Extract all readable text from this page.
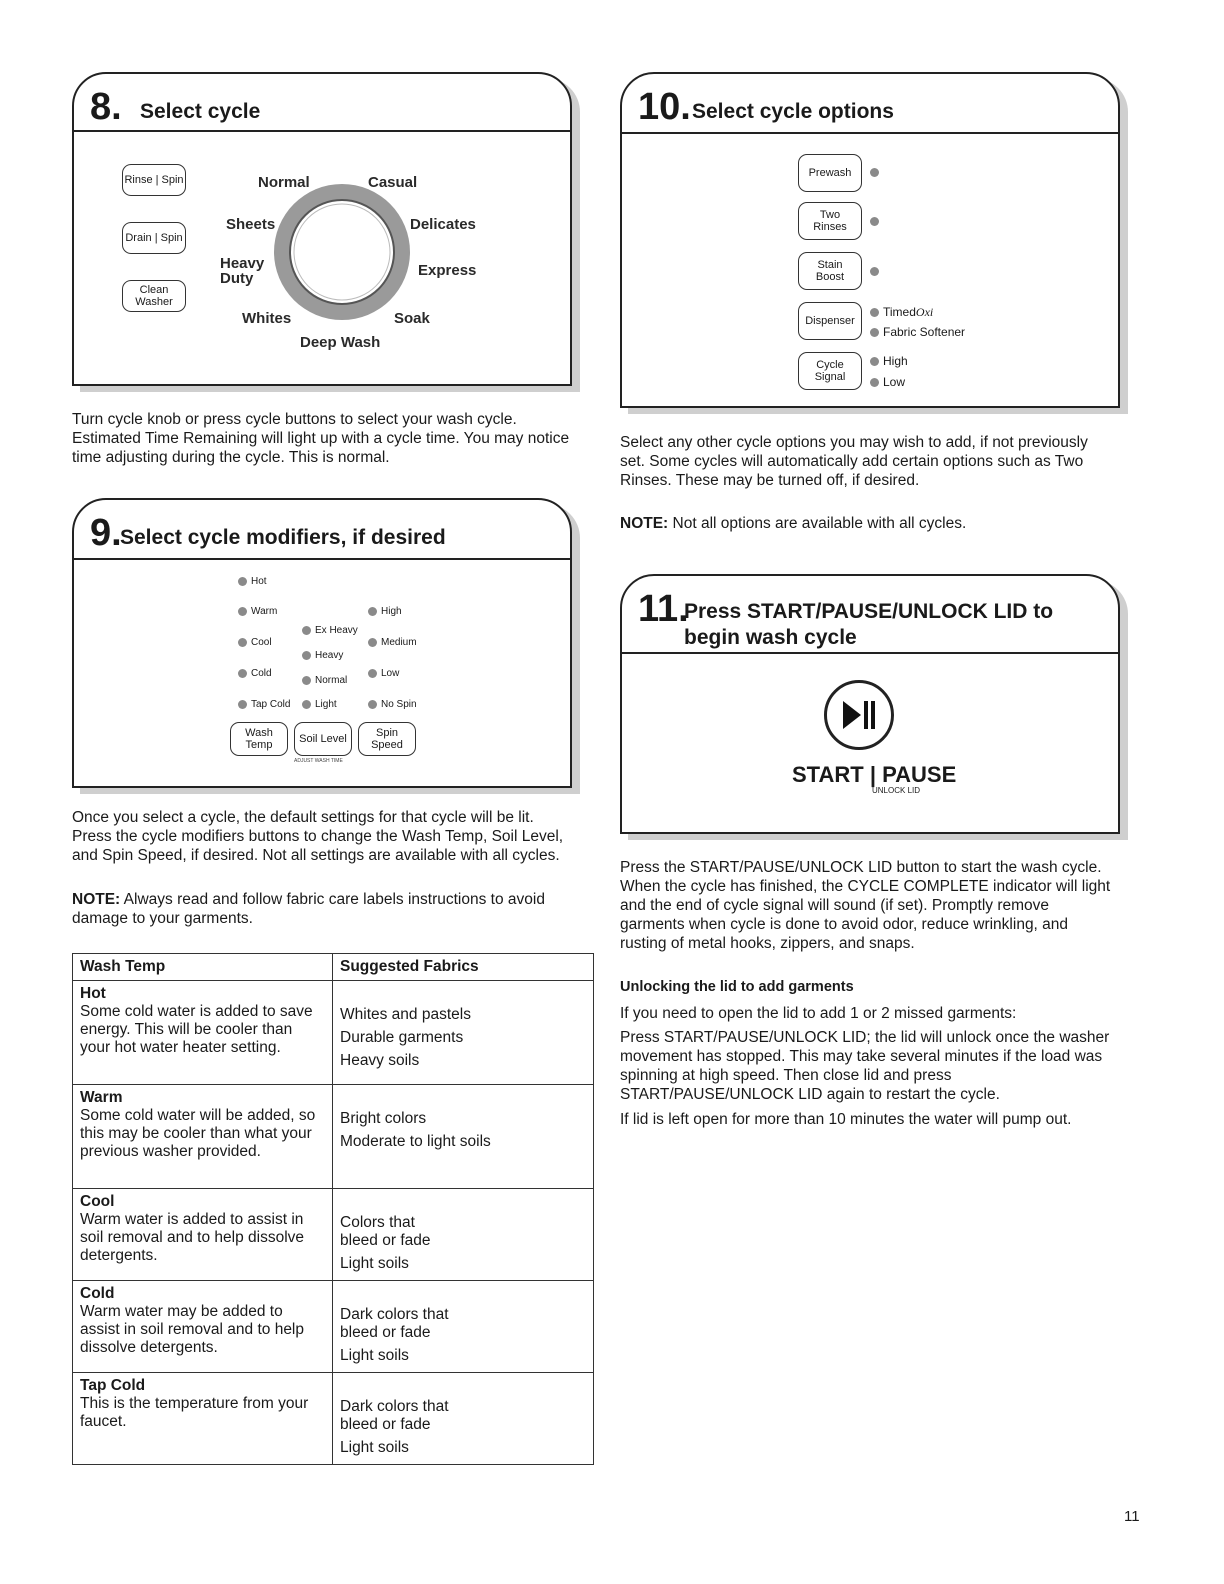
8. Select cycle
Rinse | Spin
Drain | Spin
Clean Washer
Normal	Casual
Sheets	Delicates
Heavy Duty	Express
Whites	Soak
Deep Wash
Turn cycle knob or press cycle buttons to select your wash cycle. Estimated Time Remaining will light up with a cycle time. You may notice time adjusting during the cycle. This is normal.
9.
Select cycle modifiers, if desired
Hot
Warm
Cool
Cold
Tap Cold
Ex Heavy
Heavy
Normal
Light
High
Medium
Low
No Spin
Wash Temp	Soil Level	Spin Speed
ADJUST WASH TIME
Once you select a cycle, the default settings for that cycle will be lit. Press the cycle modifiers buttons to change the Wash Temp, Soil Level, and Spin Speed, if desired. Not all settings are available with all cycles.
NOTE: Always read and follow fabric care labels instructions to avoid damage to your garments.
Wash Temp	Suggested Fabrics

Hot
Some cold water is added to save energy. This will be cooler than your hot water heater setting.	Whites and pastels
Durable garments
Heavy soils

Warm
Some cold water will be added, so this may be cooler than what your previous washer provided.	Bright colors
Moderate to light soils

Cool
Warm water is added to assist in soil removal and to help dissolve detergents.	Colors that bleed or fade
Light soils

Cold
Warm water may be added to assist in soil removal and to help dissolve detergents.	Dark colors that bleed or fade
Light soils

Tap Cold
This is the temperature from your faucet.	Dark colors that bleed or fade
Light soils
10. Select cycle options
Prewash
Two Rinses
Stain Boost
Dispenser
TimedOxi
Fabric Softener
Cycle Signal
High
Low
Select any other cycle options you may wish to add, if not previously set. Some cycles will automatically add certain options such as Two Rinses. These may be turned off, if desired.
NOTE: Not all options are available with all cycles.
11.
Press START/PAUSE/UNLOCK LID to
begin wash cycle
START | PAUSE
UNLOCK LID
Press the START/PAUSE/UNLOCK LID button to start the wash cycle. When the cycle has finished, the CYCLE COMPLETE indicator will light and the end of cycle signal will sound (if set). Promptly remove garments when cycle is done to avoid odor, reduce wrinkling, and rusting of metal hooks, zippers, and snaps.
Unlocking the lid to add garments
If you need to open the lid to add 1 or 2 missed garments:
Press START/PAUSE/UNLOCK LID; the lid will unlock once the washer movement has stopped. This may take several minutes if the load was spinning at high speed. Then close lid and press START/PAUSE/UNLOCK LID again to restart the cycle.
If lid is left open for more than 10 minutes the water will pump out.
11
